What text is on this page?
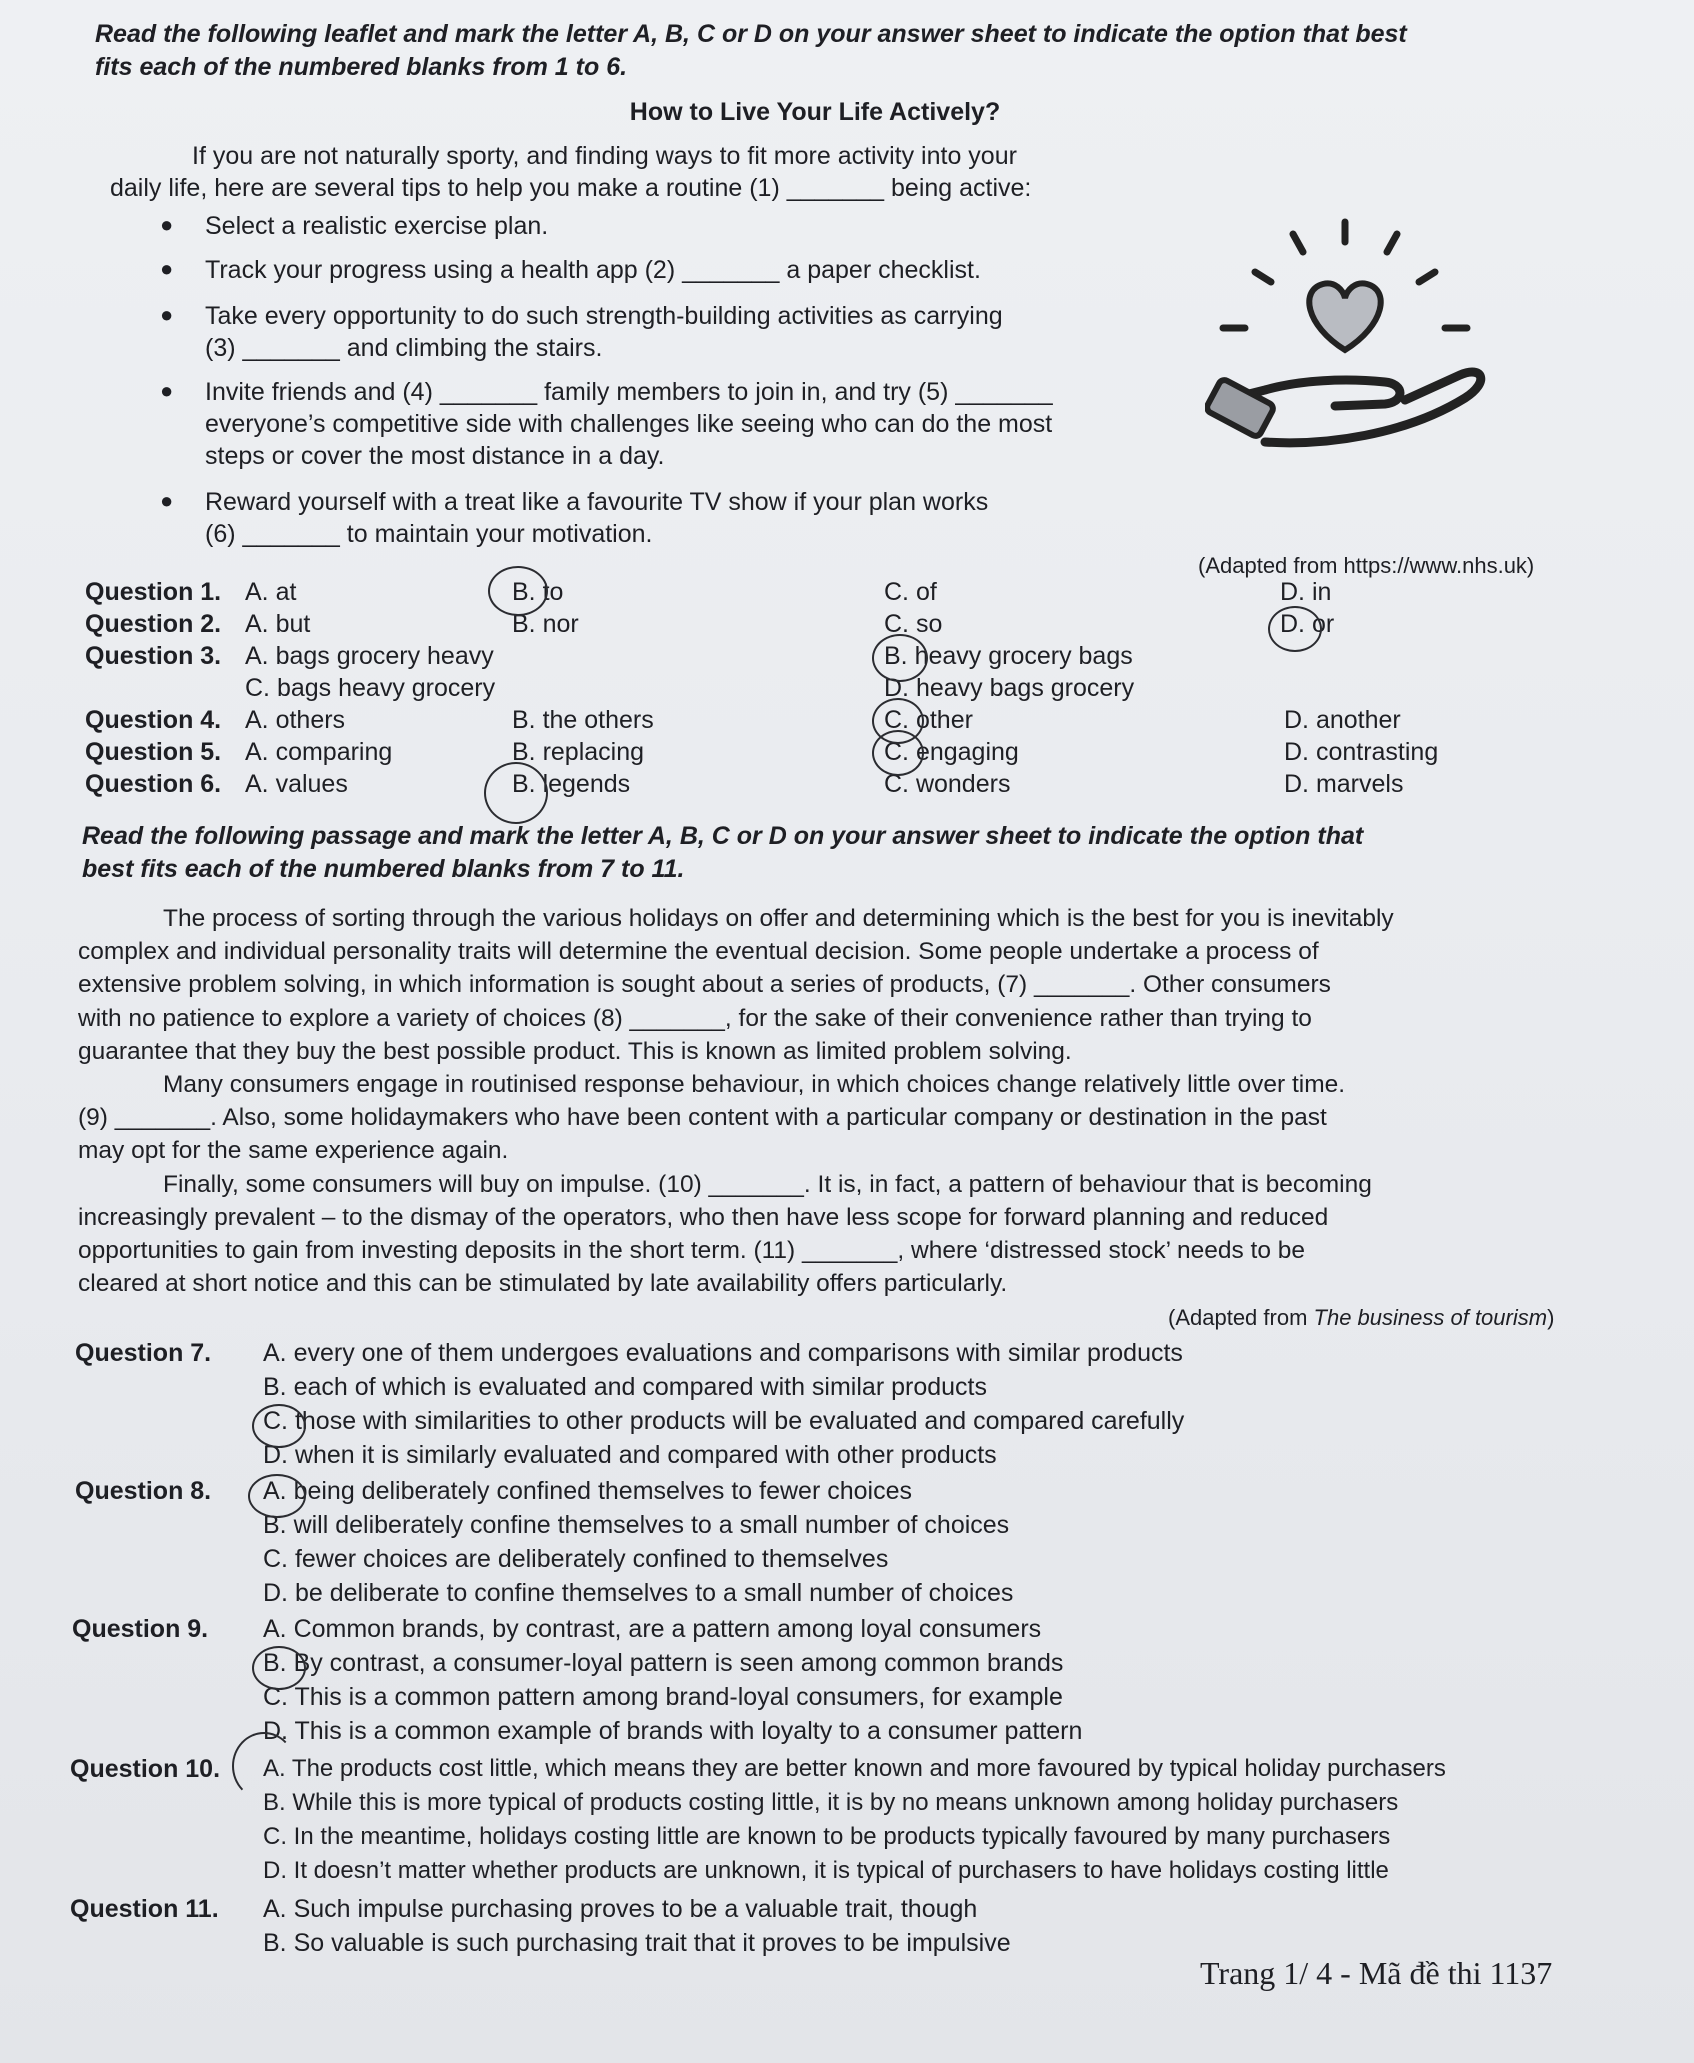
Read the following leaflet and mark the letter A, B, C or D on your answer sheet to indicate the option that best
fits each of the numbered blanks from 1 to 6.
How to Live Your Life Actively?
If you are not naturally sporty, and finding ways to fit more activity into your
daily life, here are several tips to help you make a routine (1) _______ being active:
● Select a realistic exercise plan.
● Track your progress using a health app (2) _______ a paper checklist.
● Take every opportunity to do such strength-building activities as carrying
(3) _______ and climbing the stairs.
● Invite friends and (4) _______ family members to join in, and try (5) _______
everyone’s competitive side with challenges like seeing who can do the most
steps or cover the most distance in a day.
● Reward yourself with a treat like a favourite TV show if your plan works
(6) _______ to maintain your motivation.
(Adapted from https://www.nhs.uk)
Question 1. A. at	B. to	C. of	D. in
Question 2. A. but	B. nor	C. so	D. or
Question 3. A. bags grocery heavy	B. heavy grocery bags
C. bags heavy grocery	D. heavy bags grocery
Question 4. A. others	B. the others	C. other	D. another
Question 5. A. comparing	B. replacing	C. engaging	D. contrasting
Question 6. A. values	B. legends	C. wonders	D. marvels
Read the following passage and mark the letter A, B, C or D on your answer sheet to indicate the option that
best fits each of the numbered blanks from 7 to 11.
The process of sorting through the various holidays on offer and determining which is the best for you is inevitably
complex and individual personality traits will determine the eventual decision. Some people undertake a process of
extensive problem solving, in which information is sought about a series of products, (7) _______. Other consumers
with no patience to explore a variety of choices (8) _______, for the sake of their convenience rather than trying to
guarantee that they buy the best possible product. This is known as limited problem solving.
Many consumers engage in routinised response behaviour, in which choices change relatively little over time.
(9) _______. Also, some holidaymakers who have been content with a particular company or destination in the past
may opt for the same experience again.
Finally, some consumers will buy on impulse. (10) _______. It is, in fact, a pattern of behaviour that is becoming
increasingly prevalent – to the dismay of the operators, who then have less scope for forward planning and reduced
opportunities to gain from investing deposits in the short term. (11) _______, where ‘distressed stock’ needs to be
cleared at short notice and this can be stimulated by late availability offers particularly.
(Adapted from The business of tourism)
Question 7. A. every one of them undergoes evaluations and comparisons with similar products
B. each of which is evaluated and compared with similar products
C. those with similarities to other products will be evaluated and compared carefully
D. when it is similarly evaluated and compared with other products
Question 8. A. being deliberately confined themselves to fewer choices
B. will deliberately confine themselves to a small number of choices
C. fewer choices are deliberately confined to themselves
D. be deliberate to confine themselves to a small number of choices
Question 9. A. Common brands, by contrast, are a pattern among loyal consumers
B. By contrast, a consumer-loyal pattern is seen among common brands
C. This is a common pattern among brand-loyal consumers, for example
D. This is a common example of brands with loyalty to a consumer pattern
Question 10. A. The products cost little, which means they are better known and more favoured by typical holiday purchasers
B. While this is more typical of products costing little, it is by no means unknown among holiday purchasers
C. In the meantime, holidays costing little are known to be products typically favoured by many purchasers
D. It doesn’t matter whether products are unknown, it is typical of purchasers to have holidays costing little
Question 11. A. Such impulse purchasing proves to be a valuable trait, though
B. So valuable is such purchasing trait that it proves to be impulsive
Trang 1/ 4 - Mã đề thi 1137
